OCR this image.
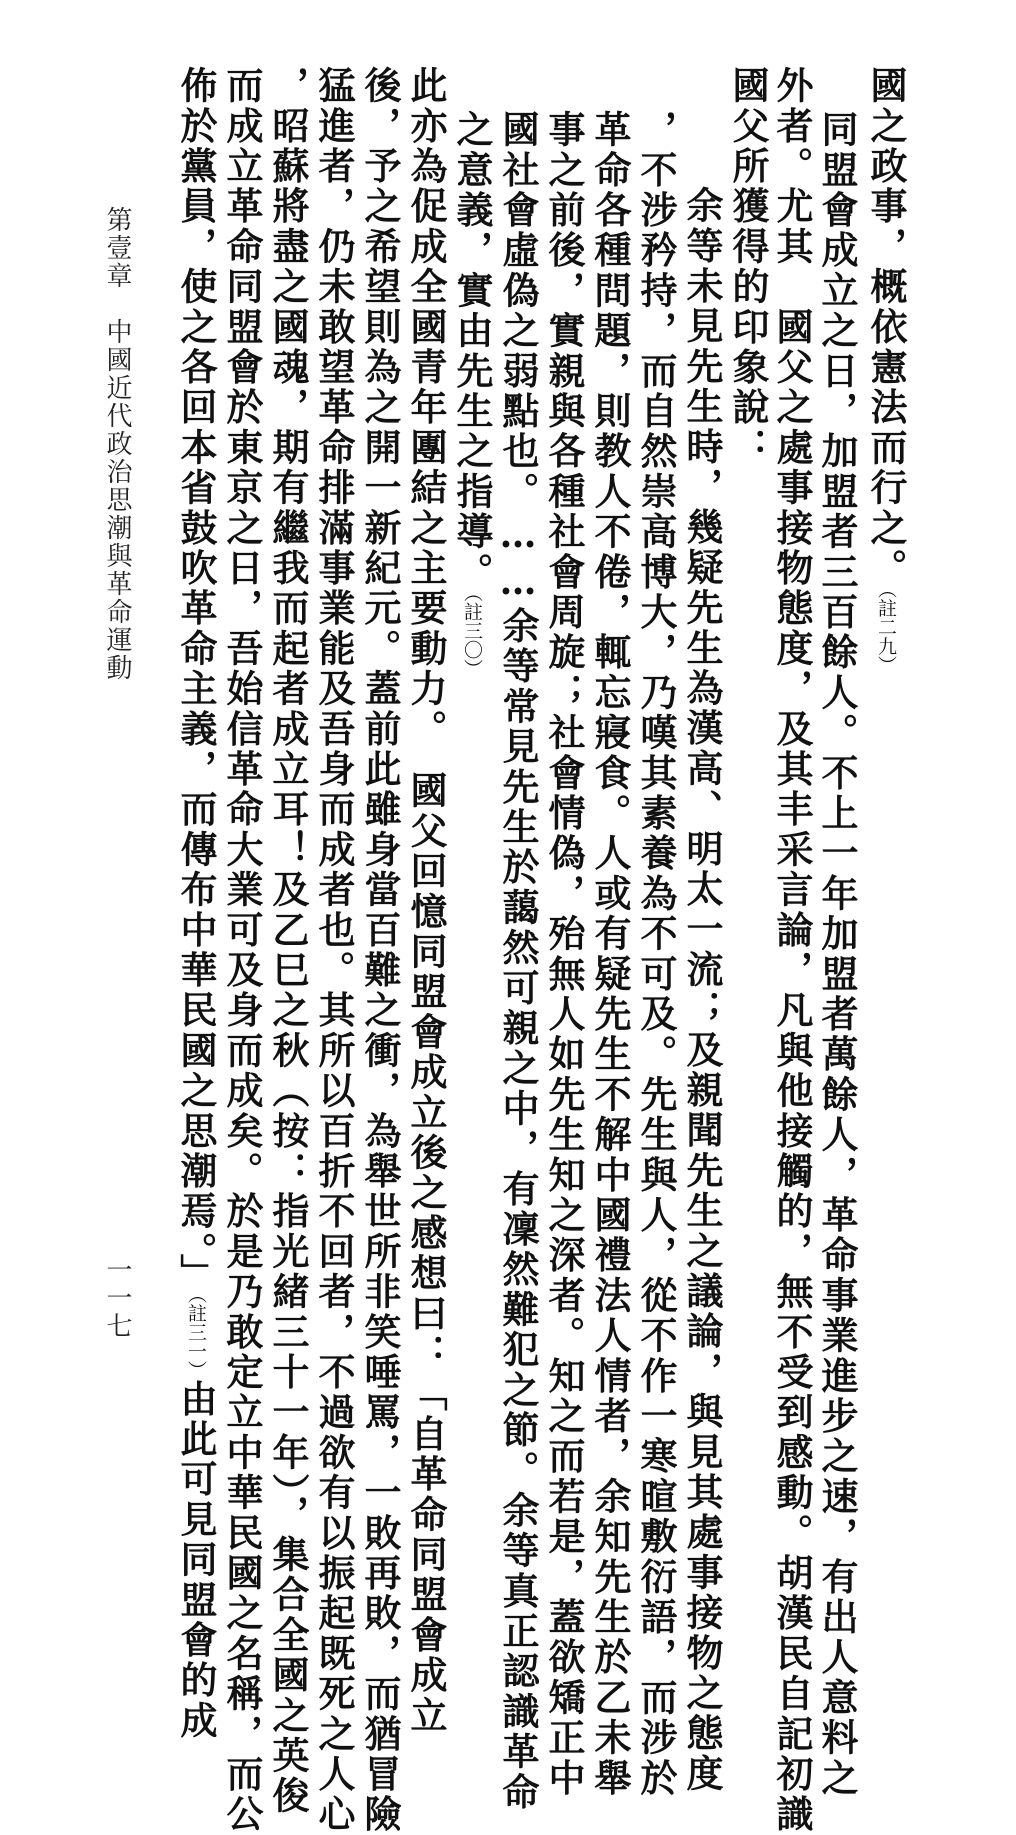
國之政事，概依憲法而行之。（註二九）
同盟會成立之日，加盟者三百餘人。不上一年加盟者萬餘人，革命事業進步之速，有出人意料之
外者。尤其　國父之處事接物態度，及其丰采言論，凡與他接觸的，無不受到感動。胡漢民自記初識
國父所獲得的印象說：
余等未見先生時，幾疑先生為漢高、明太一流；及親聞先生之議論，與見其處事接物之態度
，不涉矜持，而自然崇高博大，乃嘆其素養為不可及。先生與人，從不作一寒暄敷衍語，而涉於
革命各種問題，則教人不倦，輒忘寢食。人或有疑先生不解中國禮法人情者，余知先生於乙未舉
事之前後，實親與各種社會周旋；社會情偽，殆無人如先生知之深者。知之而若是，蓋欲矯正中
國社會虛偽之弱點也。……余等常見先生於藹然可親之中，有凜然難犯之節。余等真正認識革命
之意義，實由先生之指導。（註三〇）
此亦為促成全國青年團結之主要動力。　國父回憶同盟會成立後之感想曰：「自革命同盟會成立
後，予之希望則為之開一新紀元。蓋前此雖身當百難之衝，為舉世所非笑唾罵，一敗再敗，而猶冒險
猛進者，仍未敢望革命排滿事業能及吾身而成者也。其所以百折不回者，不過欲有以振起既死之人心
，昭蘇將盡之國魂，期有繼我而起者成立耳！及乙巳之秋（按：指光緒三十一年），集合全國之英俊
而成立革命同盟會於東京之日，吾始信革命大業可及身而成矣。於是乃敢定立中華民國之名稱，而公
佈於黨員，使之各回本省鼓吹革命主義，而傳布中華民國之思潮焉。」（註三一）由此可見同盟會的成
第壹章　中國近代政治思潮與革命運動
一一七
